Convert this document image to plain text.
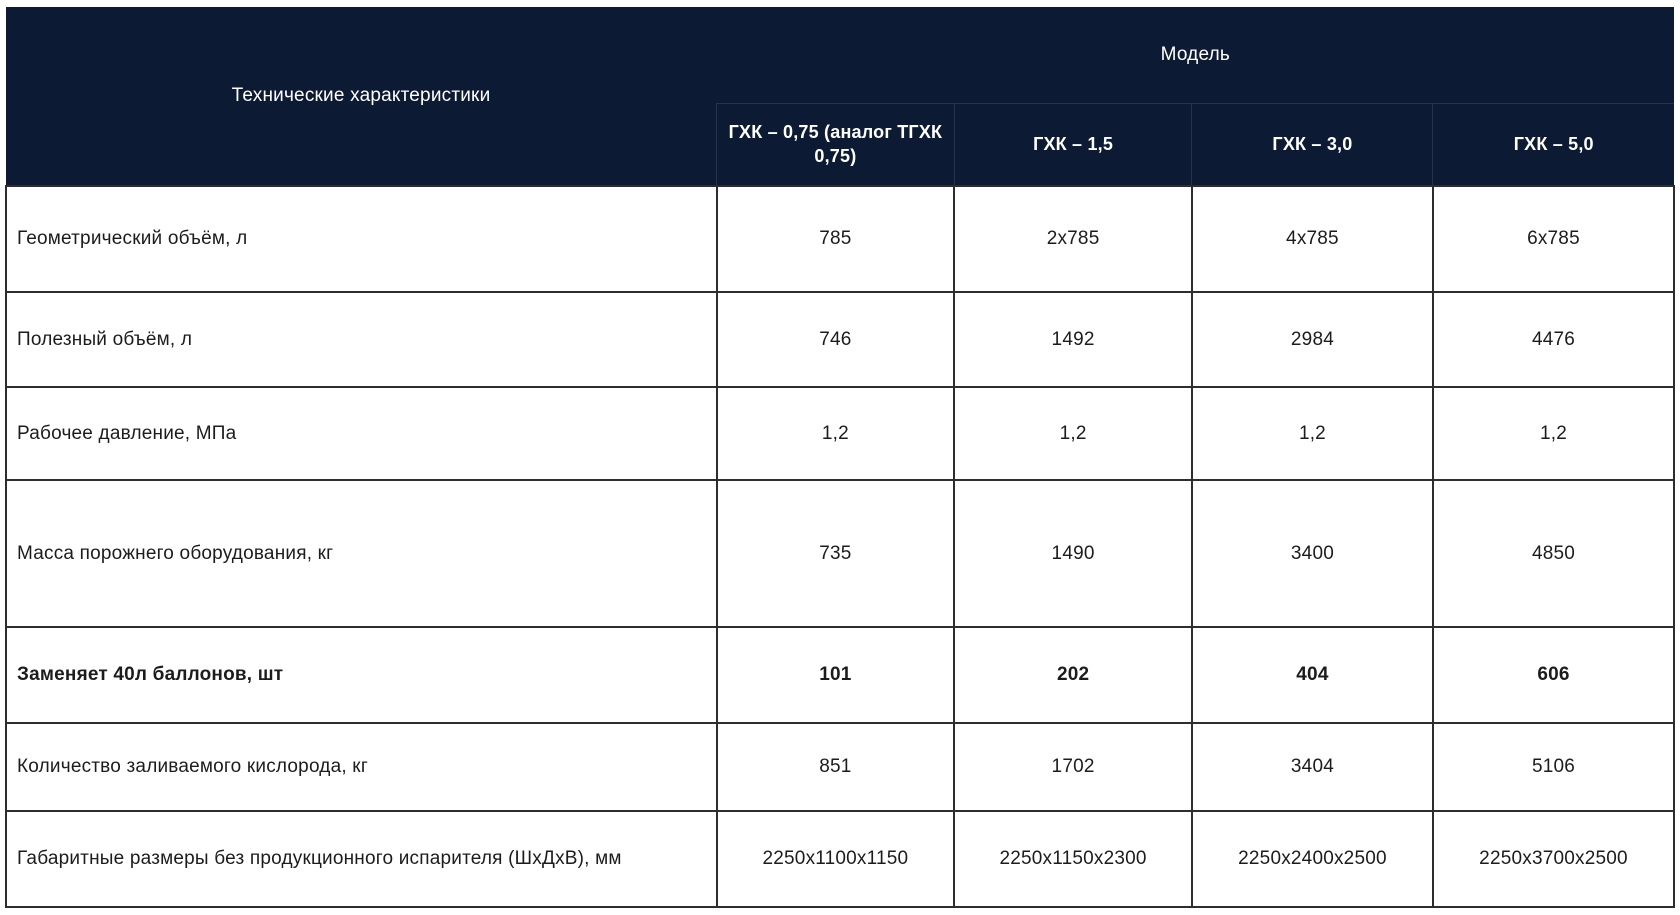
Технические характеристики	Модель			
	ГХК – 0,75 (аналог ТГХК 0,75)	ГХК – 1,5	ГХК – 3,0	ГХК – 5,0
Геометрический объём, л	785	2х785	4х785	6х785
Полезный объём, л	746	1492	2984	4476
Рабочее давление, МПа	1,2	1,2	1,2	1,2
Масса порожнего оборудования, кг	735	1490	3400	4850
Заменяет 40л баллонов, шт	101	202	404	606
Количество заливаемого кислорода, кг	851	1702	3404	5106
Габаритные размеры без продукционного испарителя (ШхДхВ), мм	2250х1100х1150	2250х1150х2300	2250х2400х2500	2250х3700х2500
